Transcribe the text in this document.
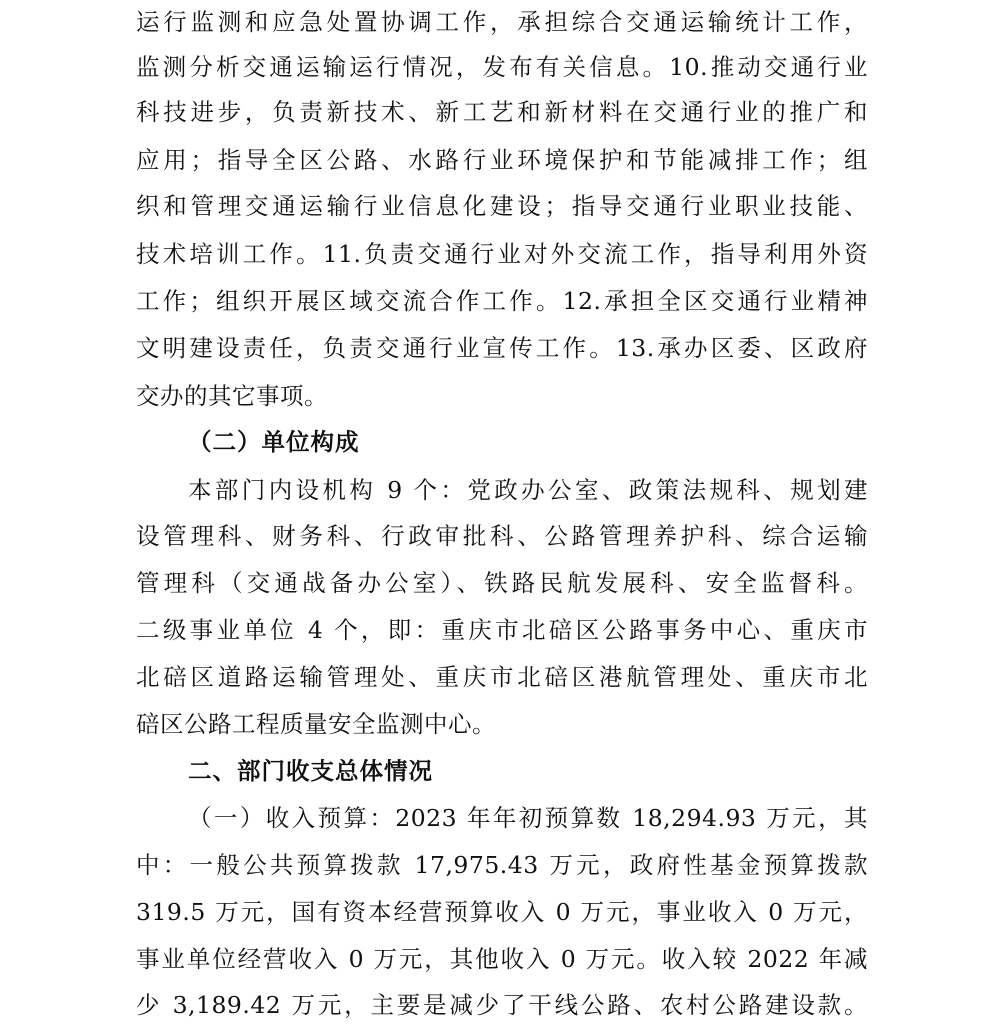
运行监测和应急处置协调工作，承担综合交通运输统计工作，
监测分析交通运输运行情况，发布有关信息。10.推动交通行业
科技进步，负责新技术、新工艺和新材料在交通行业的推广和
应用；指导全区公路、水路行业环境保护和节能减排工作；组
织和管理交通运输行业信息化建设；指导交通行业职业技能、
技术培训工作。11.负责交通行业对外交流工作，指导利用外资
工作；组织开展区域交流合作工作。12.承担全区交通行业精神
文明建设责任，负责交通行业宣传工作。13.承办区委、区政府
交办的其它事项。
（二）单位构成
本部门内设机构 9 个：党政办公室、政策法规科、规划建
设管理科、财务科、行政审批科、公路管理养护科、综合运输
管理科（交通战备办公室）、铁路民航发展科、安全监督科。
二级事业单位 4 个，即：重庆市北碚区公路事务中心、重庆市
北碚区道路运输管理处、重庆市北碚区港航管理处、重庆市北
碚区公路工程质量安全监测中心。
二、部门收支总体情况
（一）收入预算：2023 年年初预算数 18,294.93 万元，其
中：一般公共预算拨款 17,975.43 万元，政府性基金预算拨款
319.5 万元，国有资本经营预算收入 0 万元，事业收入 0 万元，
事业单位经营收入 0 万元，其他收入 0 万元。收入较 2022 年减
少 3,189.42 万元，主要是减少了干线公路、农村公路建设款。
